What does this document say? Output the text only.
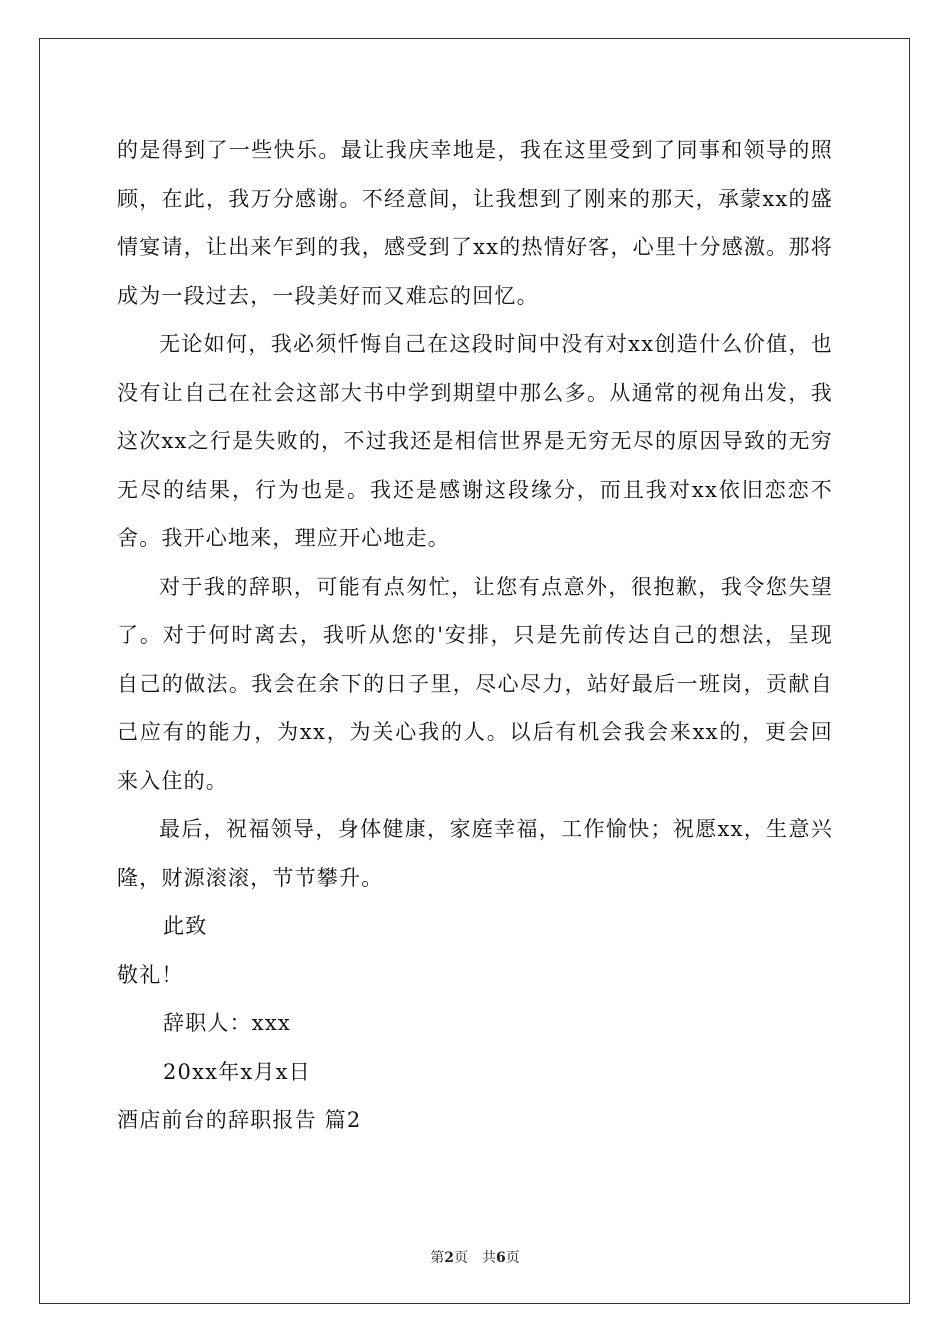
的是得到了一些快乐。最让我庆幸地是，我在这里受到了同事和领导的照顾，在此，我万分感谢。不经意间，让我想到了刚来的那天，承蒙xx的盛情宴请，让出来乍到的我，感受到了xx的热情好客，心里十分感激。那将成为一段过去，一段美好而又难忘的回忆。

无论如何，我必须忏悔自己在这段时间中没有对xx创造什么价值，也没有让自己在社会这部大书中学到期望中那么多。从通常的视角出发，我这次xx之行是失败的，不过我还是相信世界是无穷无尽的原因导致的无穷无尽的结果，行为也是。我还是感谢这段缘分，而且我对xx依旧恋恋不舍。我开心地来，理应开心地走。

对于我的辞职，可能有点匆忙，让您有点意外，很抱歉，我令您失望了。对于何时离去，我听从您的'安排，只是先前传达自己的想法，呈现自己的做法。我会在余下的日子里，尽心尽力，站好最后一班岗，贡献自己应有的能力，为xx，为关心我的人。以后有机会我会来xx的，更会回来入住的。

最后，祝福领导，身体健康，家庭幸福，工作愉快；祝愿xx，生意兴隆，财源滚滚，节节攀升。

此致

敬礼！

辞职人：xxx

20xx年x月x日

酒店前台的辞职报告 篇2

第2页　共6页
